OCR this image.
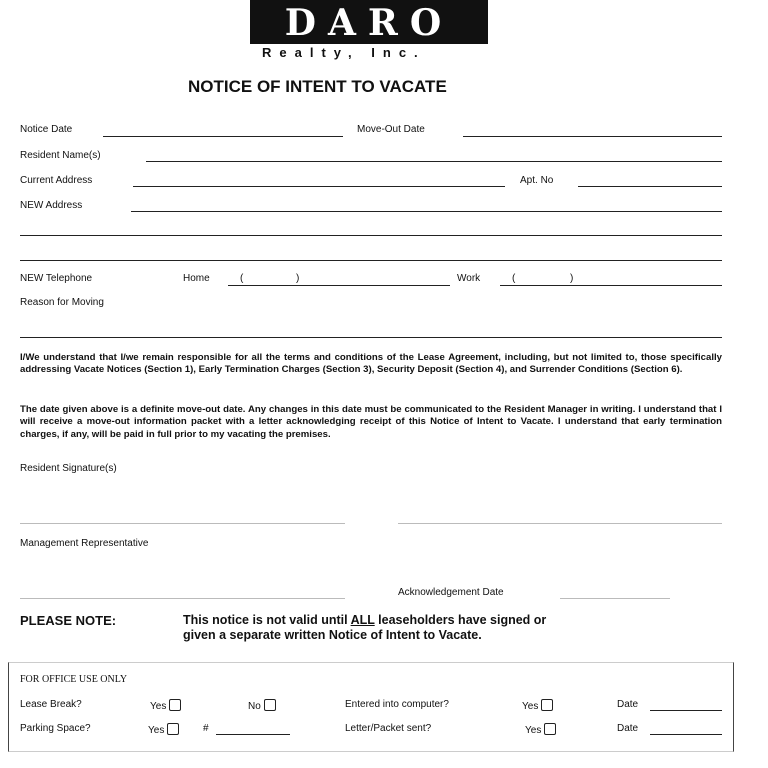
DARO
Realty, Inc.
NOTICE OF INTENT TO VACATE
Notice Date	Move-Out Date
Resident Name(s)
Current Address	Apt. No
NEW Address
NEW Telephone	Home	(	)	Work	(	)
Reason for Moving
I/We understand that I/we remain responsible for all the terms and conditions of the Lease Agreement, including, but not limited to, those specifically addressing Vacate Notices (Section 1), Early Termination Charges (Section 3), Security Deposit (Section 4), and Surrender Conditions (Section 6).
The date given above is a definite move-out date. Any changes in this date must be communicated to the Resident Manager in writing. I understand that I will receive a move-out information packet with a letter acknowledging receipt of this Notice of Intent to Vacate. I understand that early termination charges, if any, will be paid in full prior to my vacating the premises.
Resident Signature(s)
Management Representative
Acknowledgement Date
PLEASE NOTE:	This notice is not valid until ALL leaseholders have signed or
given a separate written Notice of Intent to Vacate.
FOR OFFICE USE ONLY
Lease Break?	Yes	No	Entered into computer?	Yes	Date
Parking Space?	Yes	#	Letter/Packet sent?	Yes	Date
